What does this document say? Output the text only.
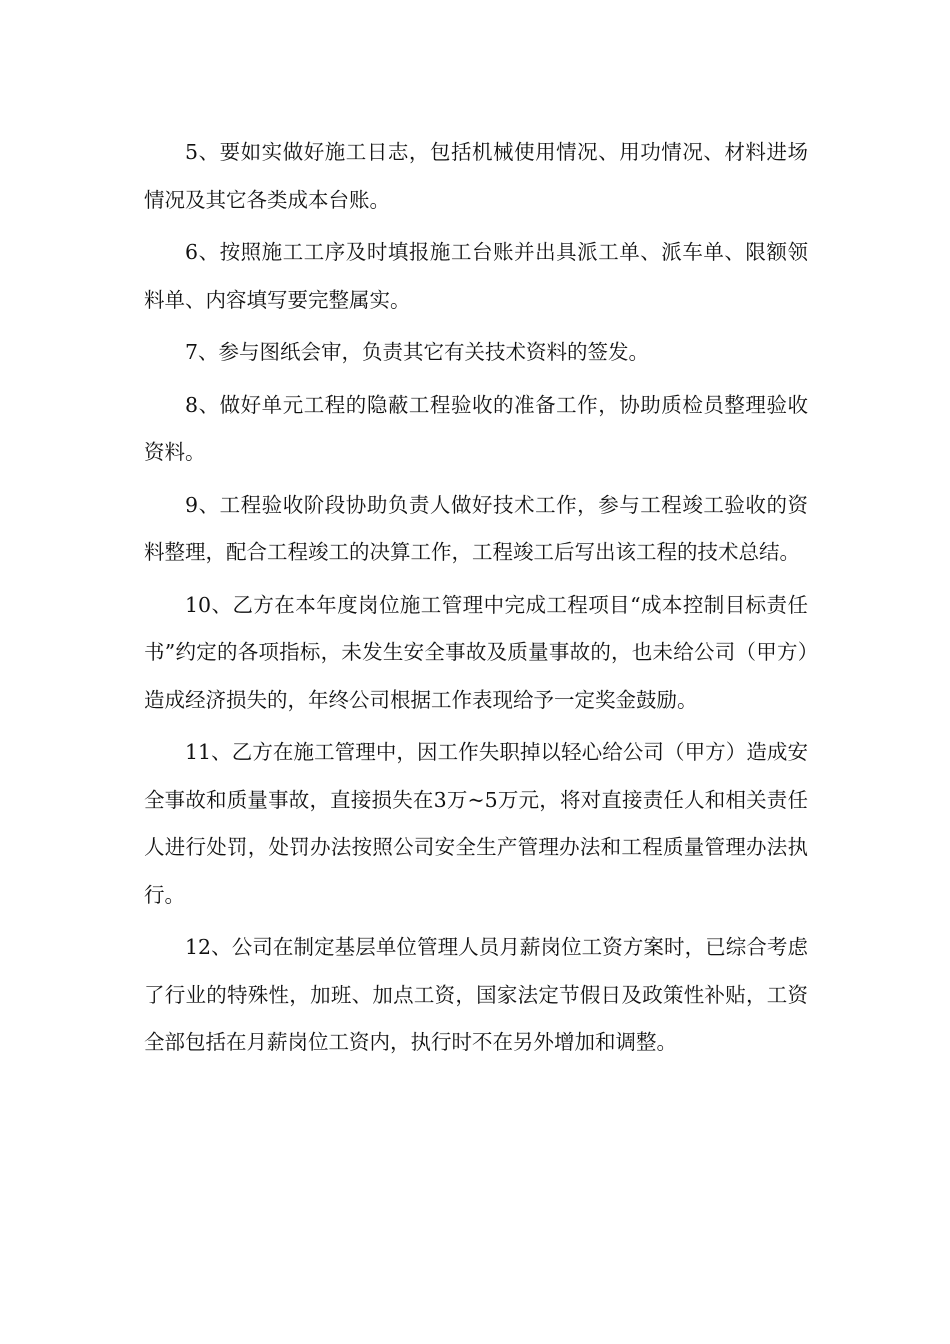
5、要如实做好施工日志，包括机械使用情况、用功情况、材料进场情况及其它各类成本台账。

6、按照施工工序及时填报施工台账并出具派工单、派车单、限额领料单、内容填写要完整属实。

7、参与图纸会审，负责其它有关技术资料的签发。

8、做好单元工程的隐蔽工程验收的准备工作，协助质检员整理验收资料。

9、工程验收阶段协助负责人做好技术工作，参与工程竣工验收的资料整理，配合工程竣工的决算工作，工程竣工后写出该工程的技术总结。

10、乙方在本年度岗位施工管理中完成工程项目“成本控制目标责任书”约定的各项指标，未发生安全事故及质量事故的，也未给公司（甲方）造成经济损失的，年终公司根据工作表现给予一定奖金鼓励。

11、乙方在施工管理中，因工作失职掉以轻心给公司（甲方）造成安全事故和质量事故，直接损失在3万~5万元，将对直接责任人和相关责任人进行处罚，处罚办法按照公司安全生产管理办法和工程质量管理办法执行。

12、公司在制定基层单位管理人员月薪岗位工资方案时，已综合考虑了行业的特殊性，加班、加点工资，国家法定节假日及政策性补贴，工资全部包括在月薪岗位工资内，执行时不在另外增加和调整。
